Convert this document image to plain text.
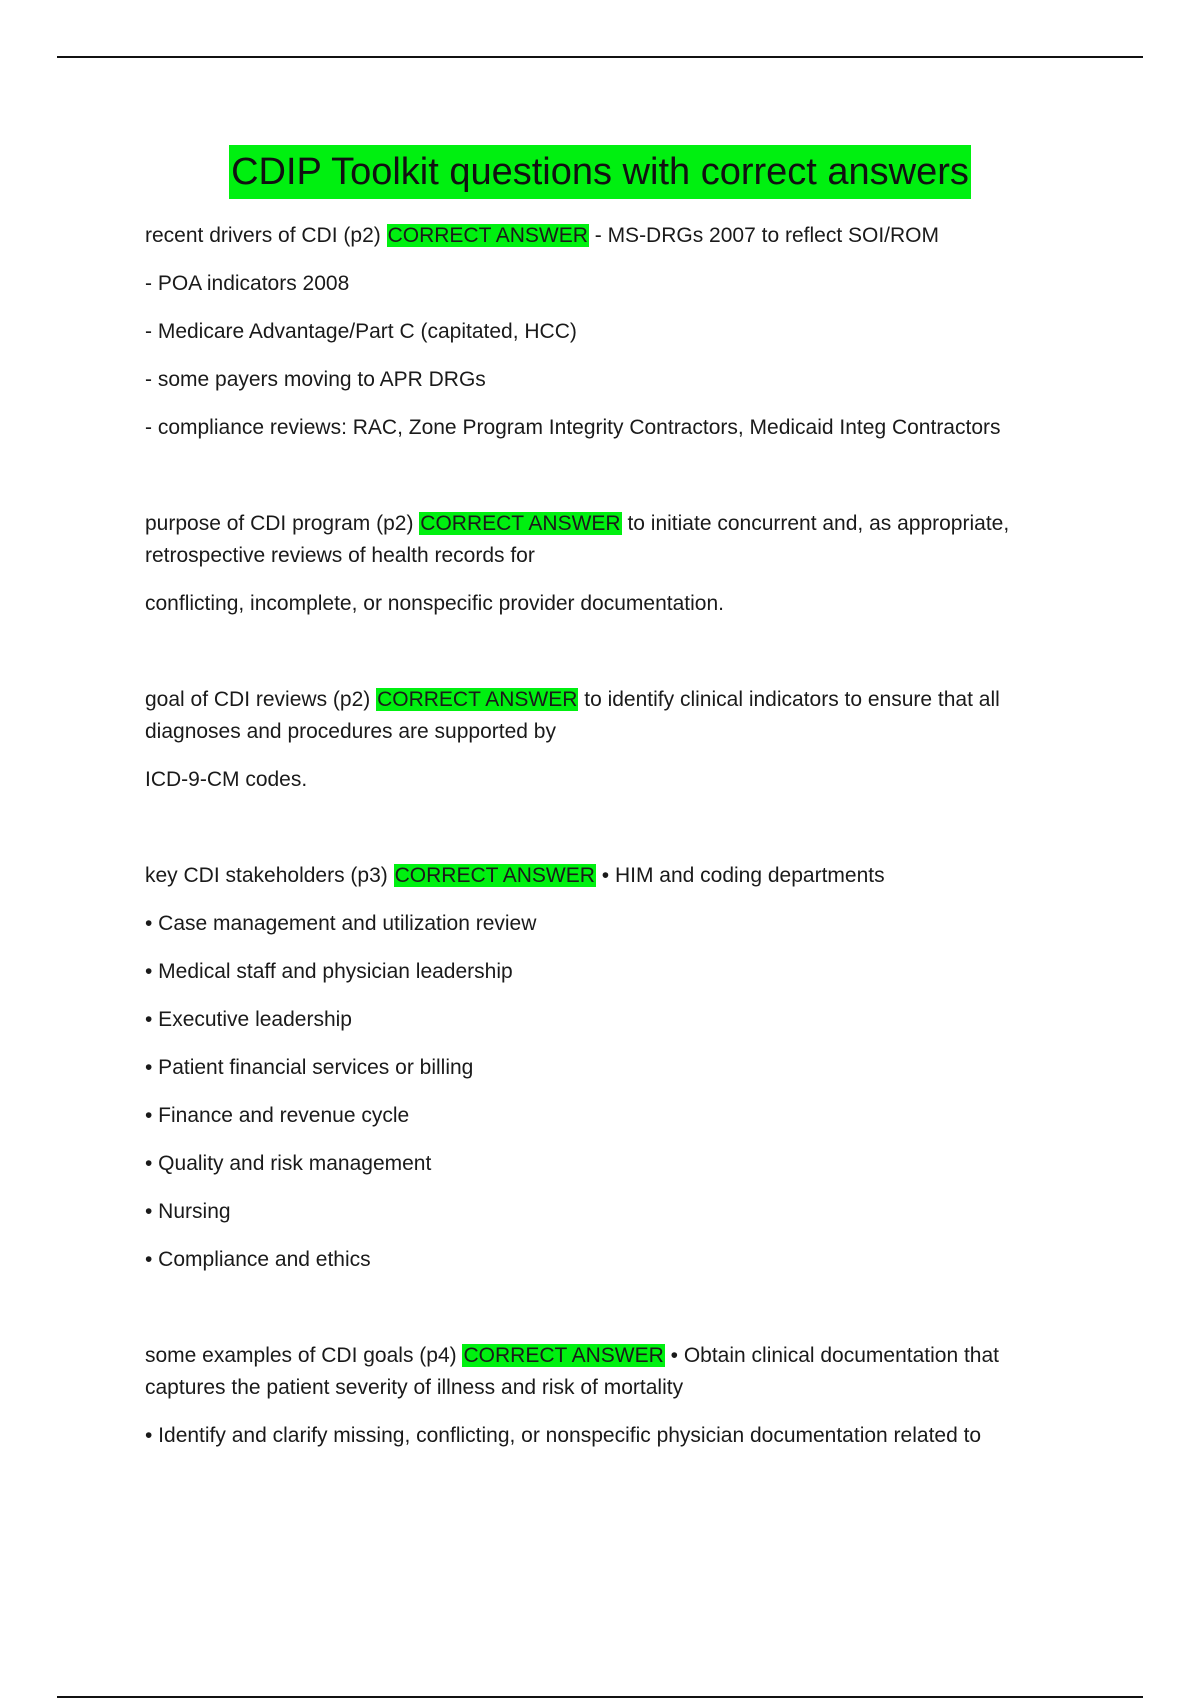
CDIP Toolkit questions with correct answers

recent drivers of CDI (p2) CORRECT ANSWER - MS-DRGs 2007 to reflect SOI/ROM

- POA indicators 2008

- Medicare Advantage/Part C (capitated, HCC)

- some payers moving to APR DRGs

- compliance reviews: RAC, Zone Program Integrity Contractors, Medicaid Integ Contractors

purpose of CDI program (p2) CORRECT ANSWER to initiate concurrent and, as appropriate, retrospective reviews of health records for

conflicting, incomplete, or nonspecific provider documentation.

goal of CDI reviews (p2) CORRECT ANSWER to identify clinical indicators to ensure that all diagnoses and procedures are supported by

ICD-9-CM codes.

key CDI stakeholders (p3) CORRECT ANSWER • HIM and coding departments

• Case management and utilization review

• Medical staff and physician leadership

• Executive leadership

• Patient financial services or billing

• Finance and revenue cycle

• Quality and risk management

• Nursing

• Compliance and ethics

some examples of CDI goals (p4) CORRECT ANSWER • Obtain clinical documentation that captures the patient severity of illness and risk of mortality

• Identify and clarify missing, conflicting, or nonspecific physician documentation related to
